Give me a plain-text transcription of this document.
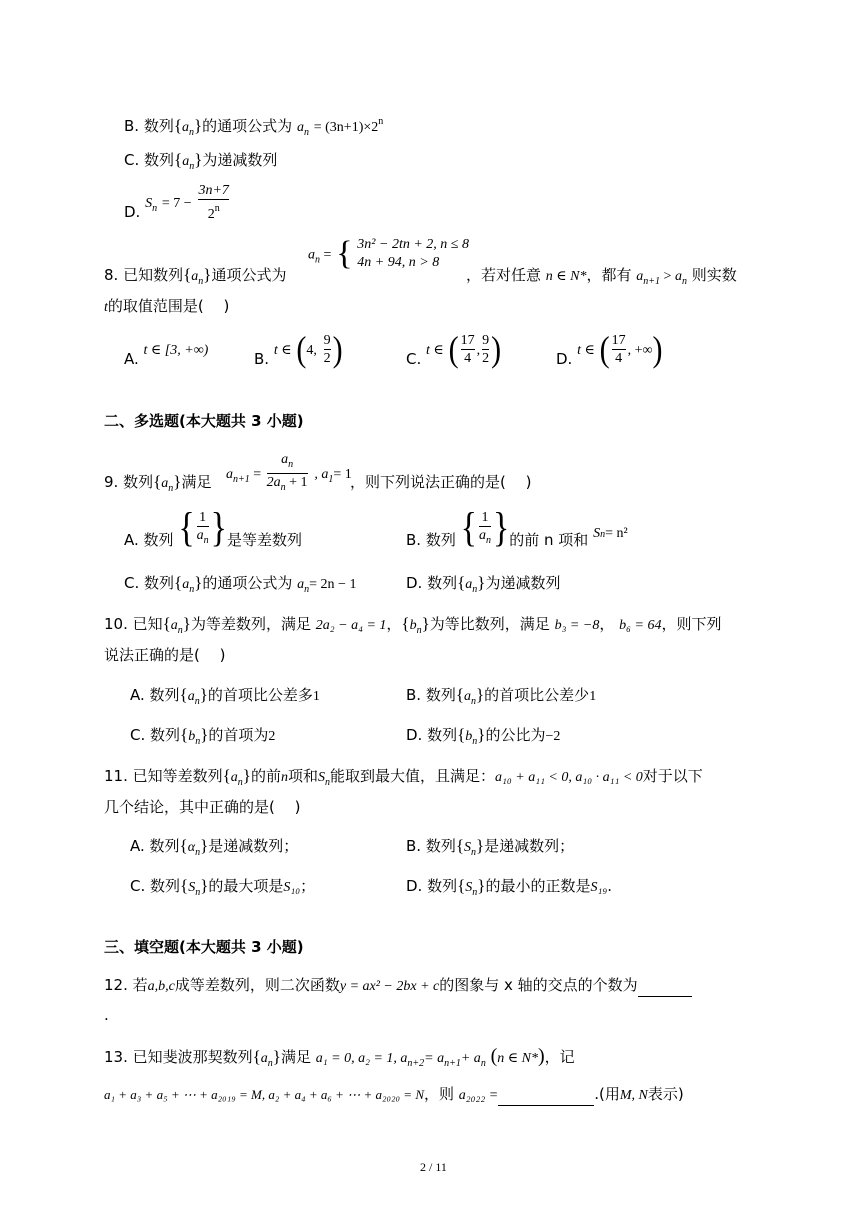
B. 数列$\{a_n\}$的通项公式为 $a_n = (3n+1)\times 2^n$
C. 数列$\{a_n\}$为递减数列
D. $S_n = 7 - \frac{3n+7}{2^n}$
$a_n$ = { 3n² − 2tn + 2, n ≤ 8
4n + 94, n > 8
8. 已知数列$\{a_n\}$通项公式为	，若对任意 n ∈ N*，都有 $a_{n+1} > a_n$ 则实数
t的取值范围是(　 )
A. t ∈ [3, +∞)	B. t ∈ (4, $\frac{9}{2}$ )	C. t ∈ ( $\frac{17}{4}$ , $\frac{9}{2}$ )	D. t ∈ ( $\frac{17}{4}$ , +∞)
二、多选题(本大题共 3 小题)
$a_{n+1} = \frac{a_n}{2a_n + 1}$ , $a_1= 1$
9. 数列$\{a_n\}$满足	，则下列说法正确的是(　 )
A. 数列 { $\frac{1}{a_n}$ }是等差数列	B. 数列 { $\frac{1}{a_n}$ }的前 n 项和 $S_n= n^2$
C. 数列$\{a_n\}$的通项公式为 $a_n= 2n - 1$	D. 数列$\{a_n\}$为递减数列
10. 已知$\{a_n\}$为等差数列，满足 2a₂ − a₄ = 1，$\{b_n\}$为等比数列，满足 b₃ = −8， b₆ = 64，则下列
说法正确的是(　 )
A. 数列$\{a_n\}$的首项比公差多1	B. 数列$\{a_n\}$的首项比公差少1
C. 数列$\{b_n\}$的首项为2	D. 数列$\{b_n\}$的公比为−2
11. 已知等差数列$\{a_n\}$的前n项和$S_n$能取到最大值，且满足：a₁₀ + a₁₁ < 0, a₁₀ · a₁₁ < 0对于以下
几个结论，其中正确的是(　 )
A. 数列$\{\alpha_n\}$是递减数列；	B. 数列$\{S_n\}$是递减数列；
C. 数列$\{S_n\}$的最大项是S₁₀；	D. 数列$\{S_n\}$的最小的正数是S₁₉.
三、填空题(本大题共 3 小题)
12. 若a,b,c成等差数列，则二次函数y = ax² − 2bx + c的图象与 x 轴的交点的个数为
.
13. 已知斐波那契数列$\{a_n\}$满足 a₁ = 0, a₂ = 1, $a_{n+2}= a_{n+1}+ a_n$ (n ∈ N*)，记
a₁ + a₃ + a₅ + ⋯ + a₂₀₁₉ = M, a₂ + a₄ + a₆ + ⋯ + a₂₀₂₀ = N，则 a₂₀₂₂ =	.(用M, N表示)
2 / 11
